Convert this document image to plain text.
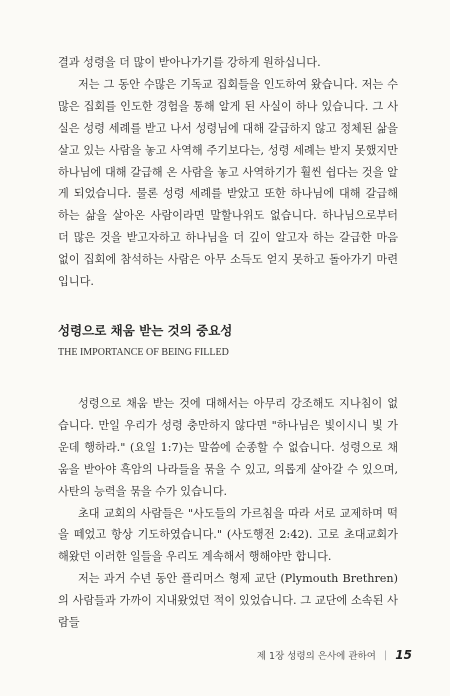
결과 성령을 더 많이 받아나가기를 강하게 원하십니다.

저는 그 동안 수많은 기독교 집회들을 인도하여 왔습니다. 저는 수많은 집회를 인도한 경험을 통해 알게 된 사실이 하나 있습니다. 그 사실은 성령 세례를 받고 나서 성령님에 대해 갈급하지 않고 정체된 삶을 살고 있는 사람을 놓고 사역해 주기보다는, 성령 세례는 받지 못했지만 하나님에 대해 갈급해 온 사람을 놓고 사역하기가 훨씬 쉽다는 것을 알게 되었습니다. 물론 성령 세례를 받았고 또한 하나님에 대해 갈급해 하는 삶을 살아온 사람이라면 말할나위도 없습니다. 하나님으로부터 더 많은 것을 받고자하고 하나님을 더 깊이 알고자 하는 갈급한 마음 없이 집회에 참석하는 사람은 아무 소득도 얻지 못하고 돌아가기 마련입니다.

성령으로 채움 받는 것의 중요성

THE IMPORTANCE OF BEING FILLED

성령으로 채움 받는 것에 대해서는 아무리 강조해도 지나침이 없습니다. 만일 우리가 성령 충만하지 않다면 "하나님은 빛이시니 빛 가운데 행하라." (요일 1:7)는 말씀에 순종할 수 없습니다. 성령으로 채움을 받아야 흑암의 나라들을 묶을 수 있고, 의롭게 살아갈 수 있으며, 사탄의 능력을 묶을 수가 있습니다.

초대 교회의 사람들은 "사도들의 가르침을 따라 서로 교제하며 떡을 떼었고 항상 기도하였습니다." (사도행전 2:42). 고로 초대교회가 해왔던 이러한 일들을 우리도 계속해서 행해야만 합니다.

저는 과거 수년 동안 플리머스 형제 교단 (Plymouth Brethren)의 사람들과 가까이 지내왔었던 적이 있었습니다. 그 교단에 소속된 사람들

제 1장 성령의 은사에 관하여 | 15
